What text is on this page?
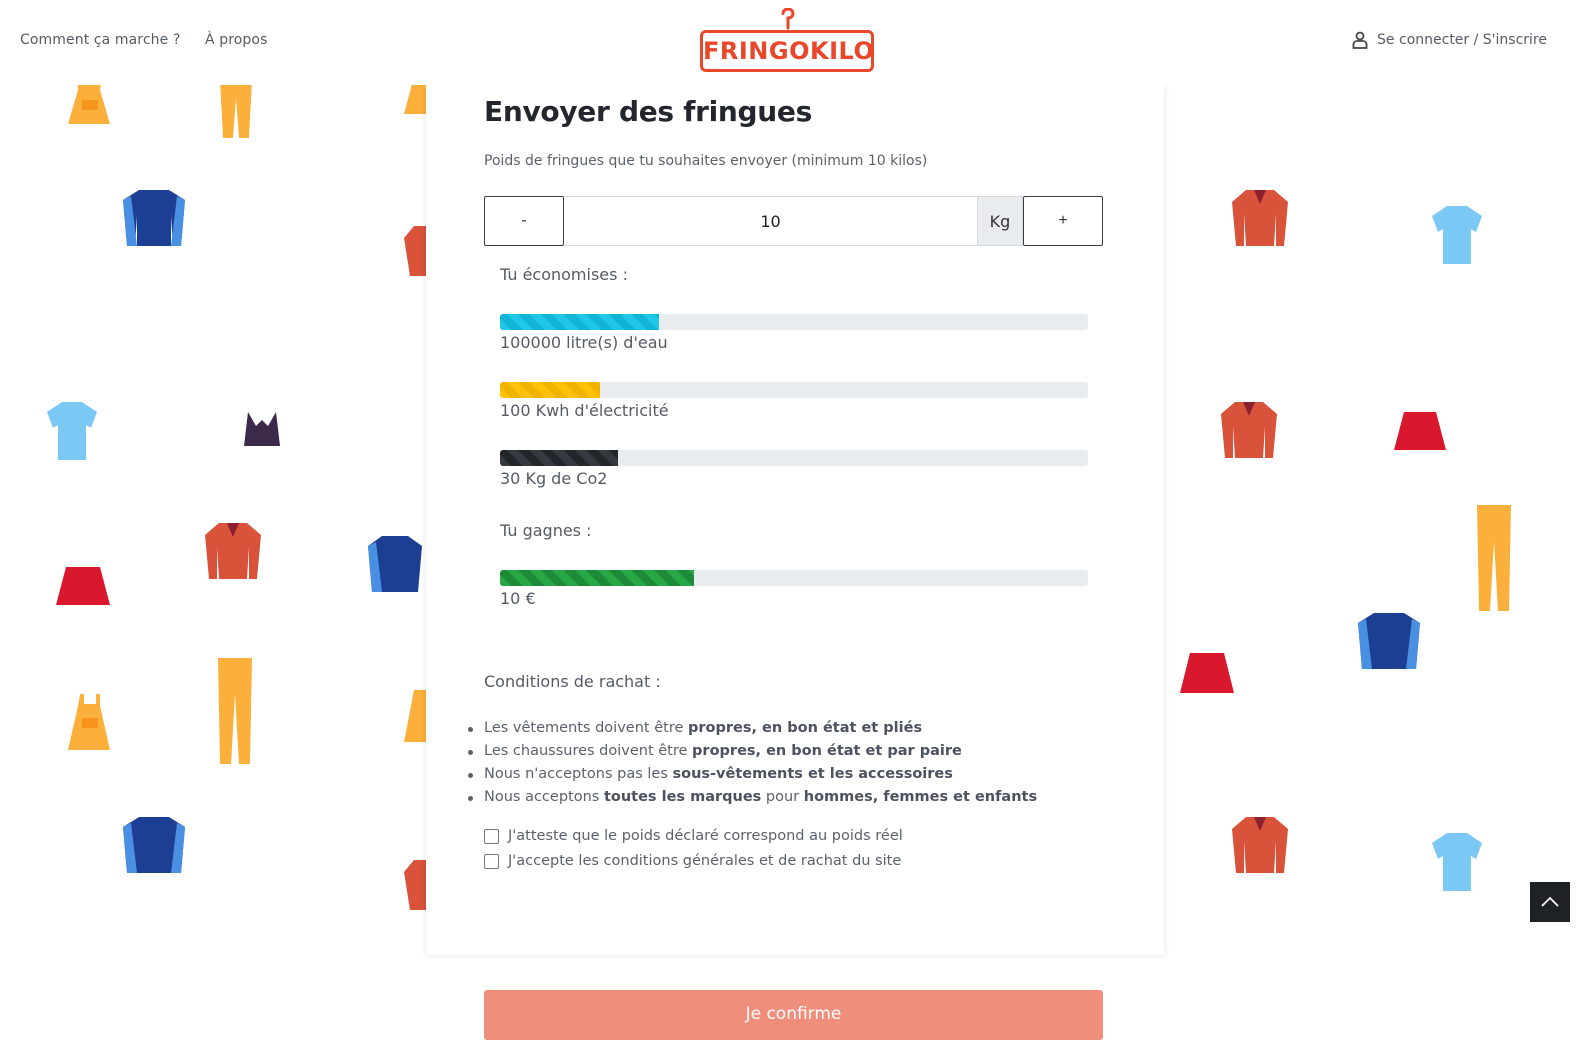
Comment ça marche ? À propos	FRINGOKILO	Se connecter / S'inscrire
Envoyer des fringues
Poids de fringues que tu souhaites envoyer (minimum 10 kilos)
-
10	Kg	+
Tu économises :
100000 litre(s) d'eau
100 Kwh d'électricité
30 Kg de Co2
Tu gagnes :
10 €
Conditions de rachat :
Les vêtements doivent être propres, en bon état et pliés
Les chaussures doivent être propres, en bon état et par paire
Nous n'acceptons pas les sous-vêtements et les accessoires
Nous acceptons toutes les marques pour hommes, femmes et enfants
J'atteste que le poids déclaré correspond au poids réel
J'accepte les conditions générales et de rachat du site
Je confirme
